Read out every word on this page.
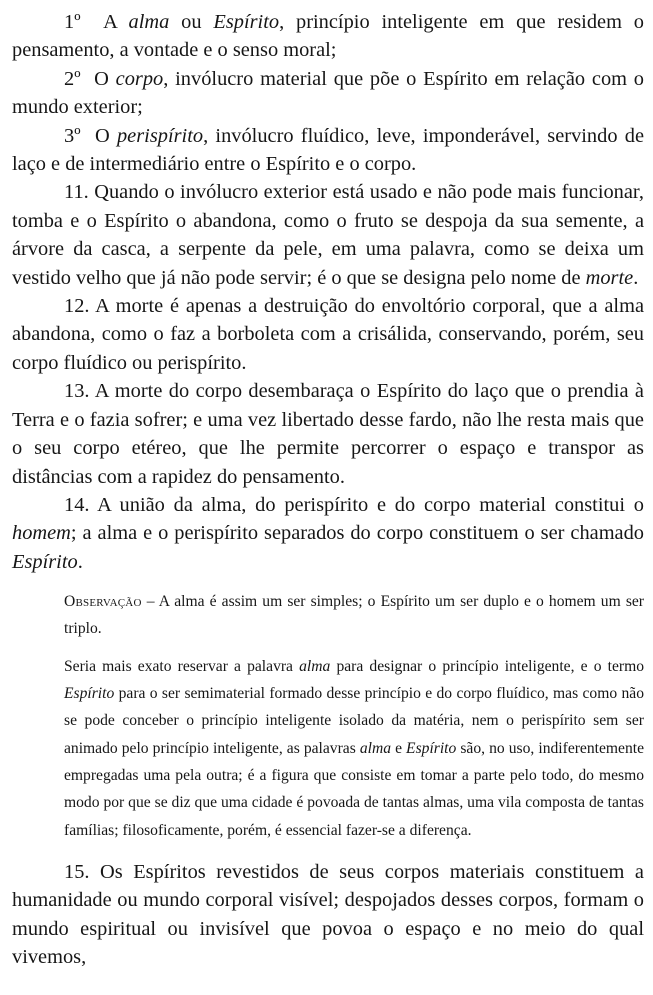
1º A alma ou Espírito, princípio inteligente em que residem o pensamento, a vontade e o senso moral;

2º O corpo, invólucro material que põe o Espírito em relação com o mundo exterior;

3º O perispírito, invólucro fluídico, leve, imponderável, servindo de laço e de intermediário entre o Espírito e o corpo.

11. Quando o invólucro exterior está usado e não pode mais funcionar, tomba e o Espírito o abandona, como o fruto se despoja da sua semente, a árvore da casca, a serpente da pele, em uma palavra, como se deixa um vestido velho que já não pode servir; é o que se designa pelo nome de morte.

12. A morte é apenas a destruição do envoltório corporal, que a alma abandona, como o faz a borboleta com a crisálida, conservando, porém, seu corpo fluídico ou perispírito.

13. A morte do corpo desembaraça o Espírito do laço que o prendia à Terra e o fazia sofrer; e uma vez libertado desse fardo, não lhe resta mais que o seu corpo etéreo, que lhe permite percorrer o espaço e transpor as distâncias com a rapidez do pensamento.

14. A união da alma, do perispírito e do corpo material constitui o homem; a alma e o perispírito separados do corpo constituem o ser chamado Espírito.

Observação – A alma é assim um ser simples; o Espírito um ser duplo e o homem um ser triplo.

Seria mais exato reservar a palavra alma para designar o princípio inteligente, e o termo Espírito para o ser semimaterial formado desse princípio e do corpo fluídico, mas como não se pode conceber o princípio inteligente isolado da matéria, nem o perispírito sem ser animado pelo princípio inteligente, as palavras alma e Espírito são, no uso, indiferentemente empregadas uma pela outra; é a figura que consiste em tomar a parte pelo todo, do mesmo modo por que se diz que uma cidade é povoada de tantas almas, uma vila composta de tantas famílias; filosoficamente, porém, é essencial fazer-se a diferença.

15. Os Espíritos revestidos de seus corpos materiais constituem a humanidade ou mundo corporal visível; despojados desses corpos, formam o mundo espiritual ou invisível que povoa o espaço e no meio do qual vivemos,
